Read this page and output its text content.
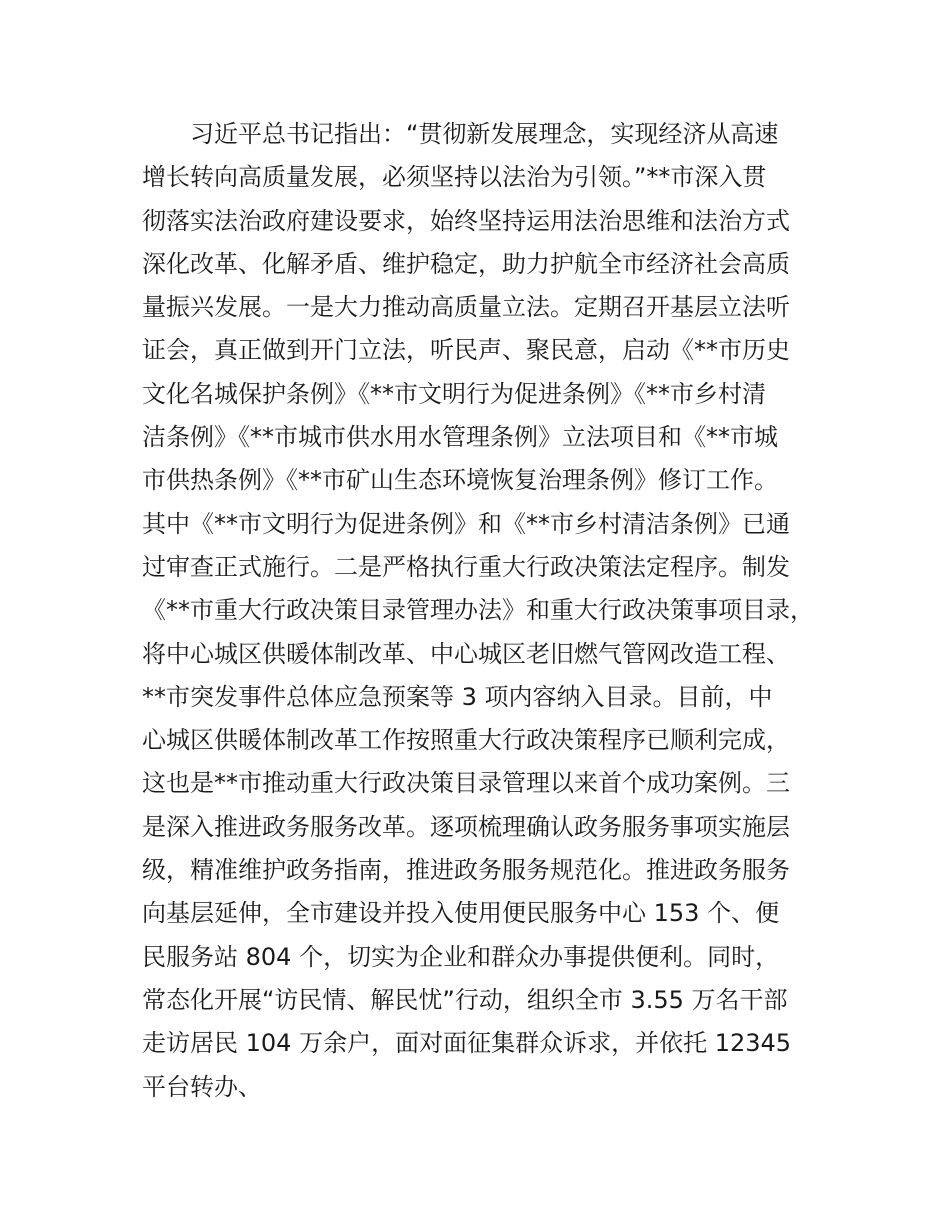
习近平总书记指出：“贯彻新发展理念，实现经济从高速
增长转向高质量发展，必须坚持以法治为引领。”**市深入贯
彻落实法治政府建设要求，始终坚持运用法治思维和法治方式
深化改革、化解矛盾、维护稳定，助力护航全市经济社会高质
量振兴发展。一是大力推动高质量立法。定期召开基层立法听
证会，真正做到开门立法，听民声、聚民意，启动《**市历史
文化名城保护条例》《**市文明行为促进条例》《**市乡村清
洁条例》《**市城市供水用水管理条例》立法项目和《**市城
市供热条例》《**市矿山生态环境恢复治理条例》修订工作。
其中《**市文明行为促进条例》和《**市乡村清洁条例》已通
过审查正式施行。二是严格执行重大行政决策法定程序。制发
《**市重大行政决策目录管理办法》和重大行政决策事项目录，
将中心城区供暖体制改革、中心城区老旧燃气管网改造工程、
**市突发事件总体应急预案等 3 项内容纳入目录。目前，中
心城区供暖体制改革工作按照重大行政决策程序已顺利完成，
这也是**市推动重大行政决策目录管理以来首个成功案例。三
是深入推进政务服务改革。逐项梳理确认政务服务事项实施层
级，精准维护政务指南，推进政务服务规范化。推进政务服务
向基层延伸，全市建设并投入使用便民服务中心 153 个、便
民服务站 804 个，切实为企业和群众办事提供便利。同时，
常态化开展“访民情、解民忧”行动，组织全市 3.55 万名干部
走访居民 104 万余户，面对面征集群众诉求，并依托 12345
平台转办、
